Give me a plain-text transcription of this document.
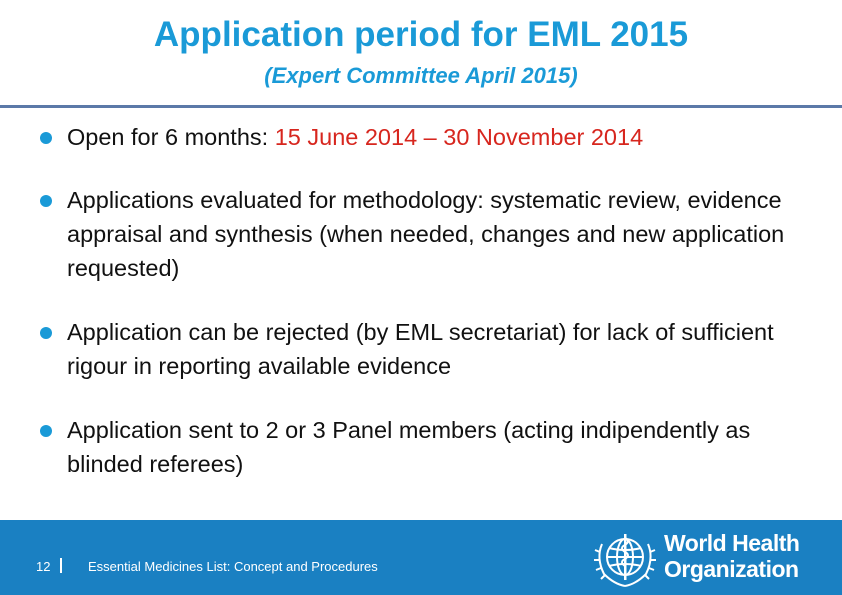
Application period for EML 2015
(Expert Committee April 2015)
Open for 6 months: 15 June 2014 – 30 November 2014
Applications evaluated for methodology: systematic review, evidence appraisal and synthesis (when needed, changes and new application requested)
Application can be rejected (by EML secretariat) for lack of sufficient rigour in reporting available evidence
Application sent to 2 or 3 Panel members (acting indipendently as blinded referees)
12	Essential Medicines List: Concept and Procedures
World Health
Organization
